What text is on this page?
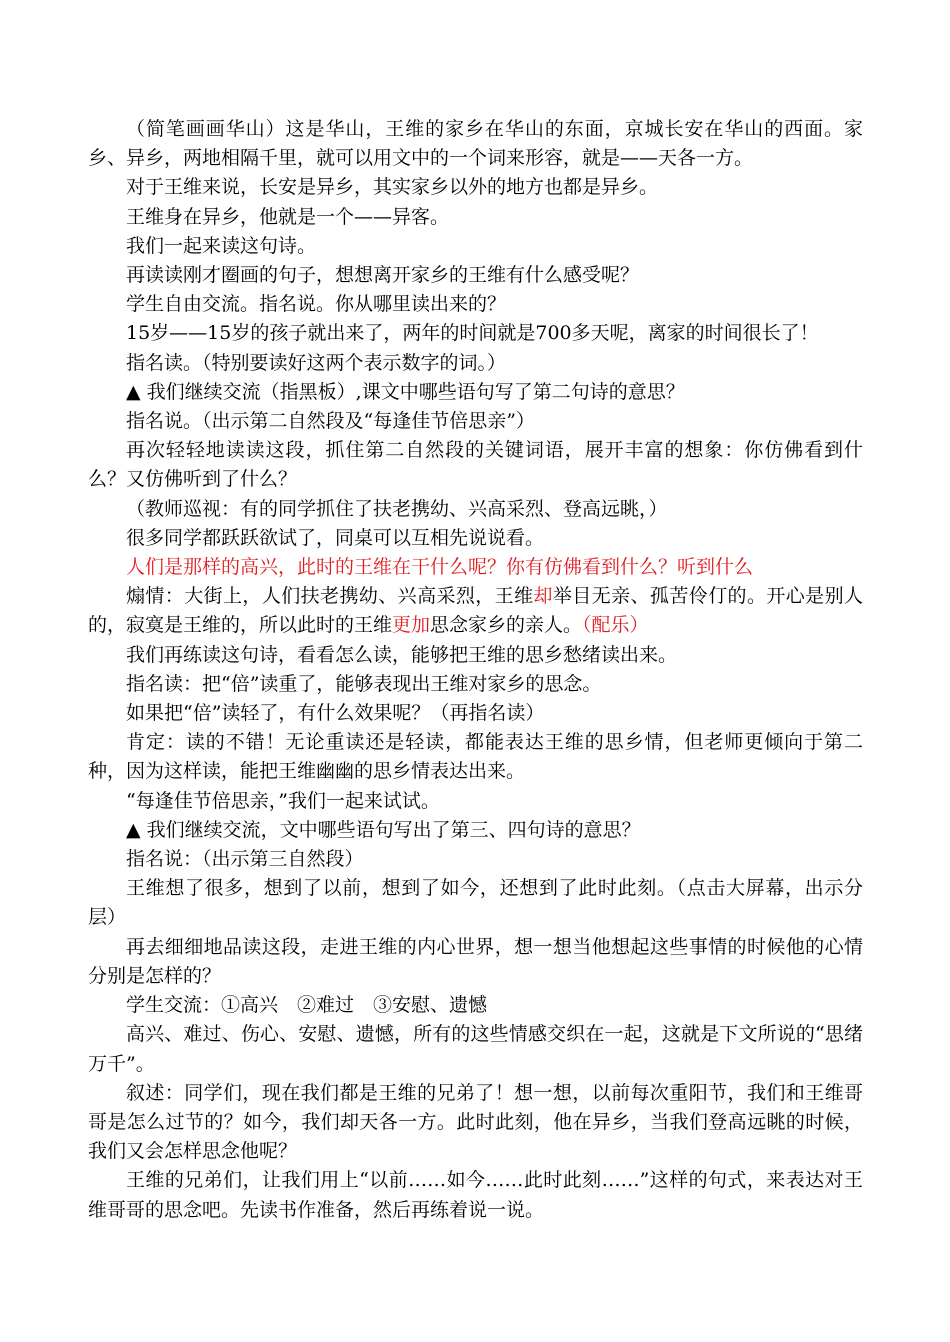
（简笔画画华山）这是华山，王维的家乡在华山的东面，京城长安在华山的西面。家乡、异乡，两地相隔千里，就可以用文中的一个词来形容，就是——天各一方。

对于王维来说，长安是异乡，其实家乡以外的地方也都是异乡。

王维身在异乡，他就是一个——异客。

我们一起来读这句诗。

再读读刚才圈画的句子，想想离开家乡的王维有什么感受呢？

学生自由交流。指名说。你从哪里读出来的？

15岁——15岁的孩子就出来了，两年的时间就是700多天呢，离家的时间很长了！

指名读。（特别要读好这两个表示数字的词。）

▲ 我们继续交流（指黑板）,课文中哪些语句写了第二句诗的意思？

指名说。（出示第二自然段及“每逢佳节倍思亲”）

再次轻轻地读读这段，抓住第二自然段的关键词语，展开丰富的想象：你仿佛看到什么？又仿佛听到了什么？

（教师巡视：有的同学抓住了扶老携幼、兴高采烈、登高远眺，）

很多同学都跃跃欲试了，同桌可以互相先说说看。

人们是那样的高兴，此时的王维在干什么呢？你有仿佛看到什么？听到什么

煽情：大街上，人们扶老携幼、兴高采烈，王维却举目无亲、孤苦伶仃的。开心是别人的，寂寞是王维的，所以此时的王维更加思念家乡的亲人。（配乐）

我们再练读这句诗，看看怎么读，能够把王维的思乡愁绪读出来。

指名读：把“倍”读重了，能够表现出王维对家乡的思念。

如果把“倍”读轻了，有什么效果呢？（再指名读）

肯定：读的不错！无论重读还是轻读，都能表达王维的思乡情，但老师更倾向于第二种，因为这样读，能把王维幽幽的思乡情表达出来。

“每逢佳节倍思亲，”我们一起来试试。

▲ 我们继续交流，文中哪些语句写出了第三、四句诗的意思？

指名说：（出示第三自然段）

王维想了很多，想到了以前，想到了如今，还想到了此时此刻。（点击大屏幕，出示分层）

再去细细地品读这段，走进王维的内心世界，想一想当他想起这些事情的时候他的心情分别是怎样的？

学生交流：①高兴　②难过　③安慰、遗憾

高兴、难过、伤心、安慰、遗憾，所有的这些情感交织在一起，这就是下文所说的“思绪万千”。

叙述：同学们，现在我们都是王维的兄弟了！想一想，以前每次重阳节，我们和王维哥哥是怎么过节的？如今，我们却天各一方。此时此刻，他在异乡，当我们登高远眺的时候，我们又会怎样思念他呢？

王维的兄弟们，让我们用上“以前……如今……此时此刻……”这样的句式，来表达对王维哥哥的思念吧。先读书作准备，然后再练着说一说。
